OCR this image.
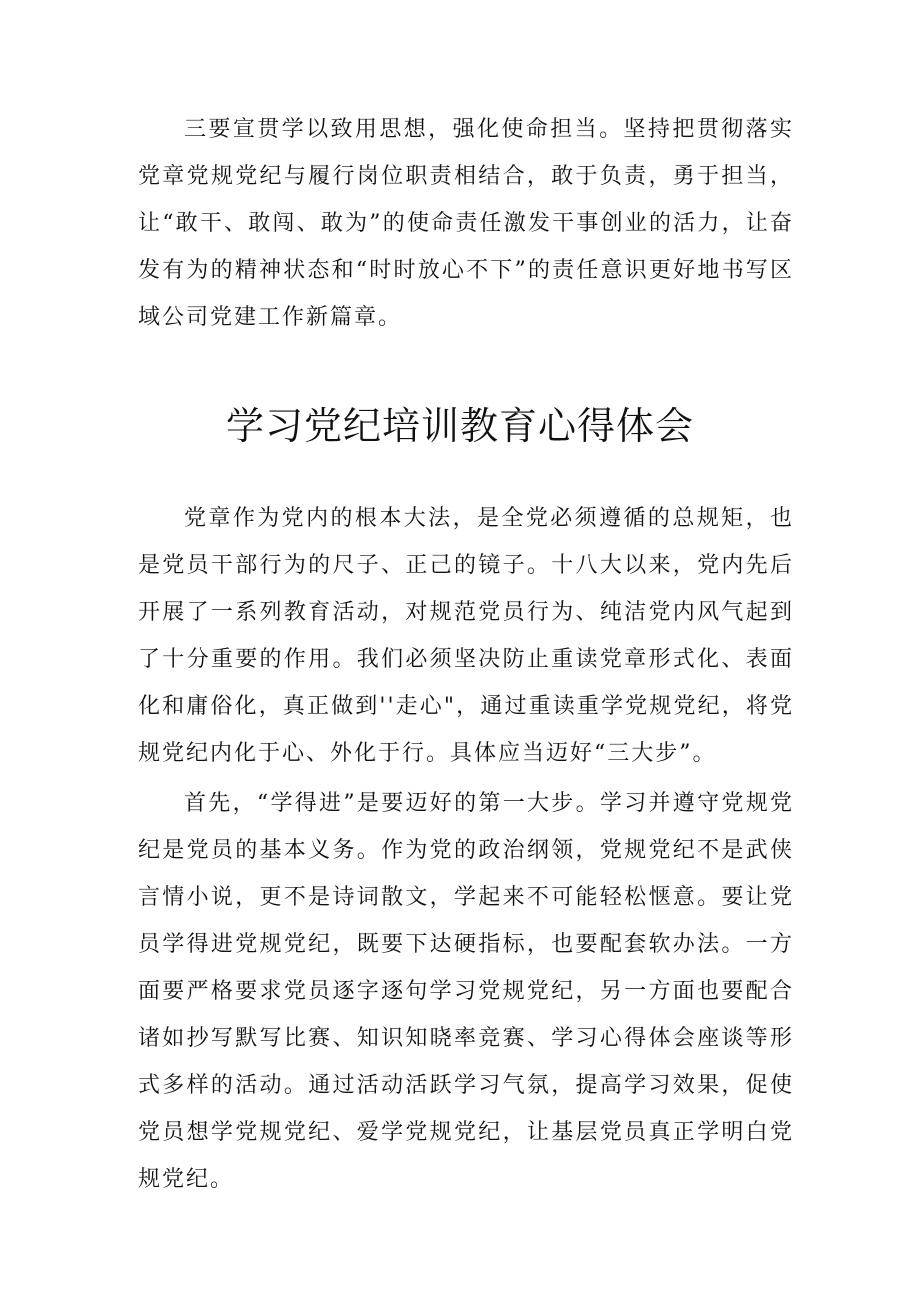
三要宣贯学以致用思想，强化使命担当。坚持把贯彻落实党章党规党纪与履行岗位职责相结合，敢于负责，勇于担当，让“敢干、敢闯、敢为”的使命责任激发干事创业的活力，让奋发有为的精神状态和“时时放心不下”的责任意识更好地书写区域公司党建工作新篇章。

学习党纪培训教育心得体会

党章作为党内的根本大法，是全党必须遵循的总规矩，也是党员干部行为的尺子、正己的镜子。十八大以来，党内先后开展了一系列教育活动，对规范党员行为、纯洁党内风气起到了十分重要的作用。我们必须坚决防止重读党章形式化、表面化和庸俗化，真正做到''走心"，通过重读重学党规党纪，将党规党纪内化于心、外化于行。具体应当迈好“三大步”。

首先，“学得进”是要迈好的第一大步。学习并遵守党规党纪是党员的基本义务。作为党的政治纲领，党规党纪不是武侠言情小说，更不是诗词散文，学起来不可能轻松惬意。要让党员学得进党规党纪，既要下达硬指标，也要配套软办法。一方面要严格要求党员逐字逐句学习党规党纪，另一方面也要配合诸如抄写默写比赛、知识知晓率竞赛、学习心得体会座谈等形式多样的活动。通过活动活跃学习气氛，提高学习效果，促使党员想学党规党纪、爱学党规党纪，让基层党员真正学明白党规党纪。
